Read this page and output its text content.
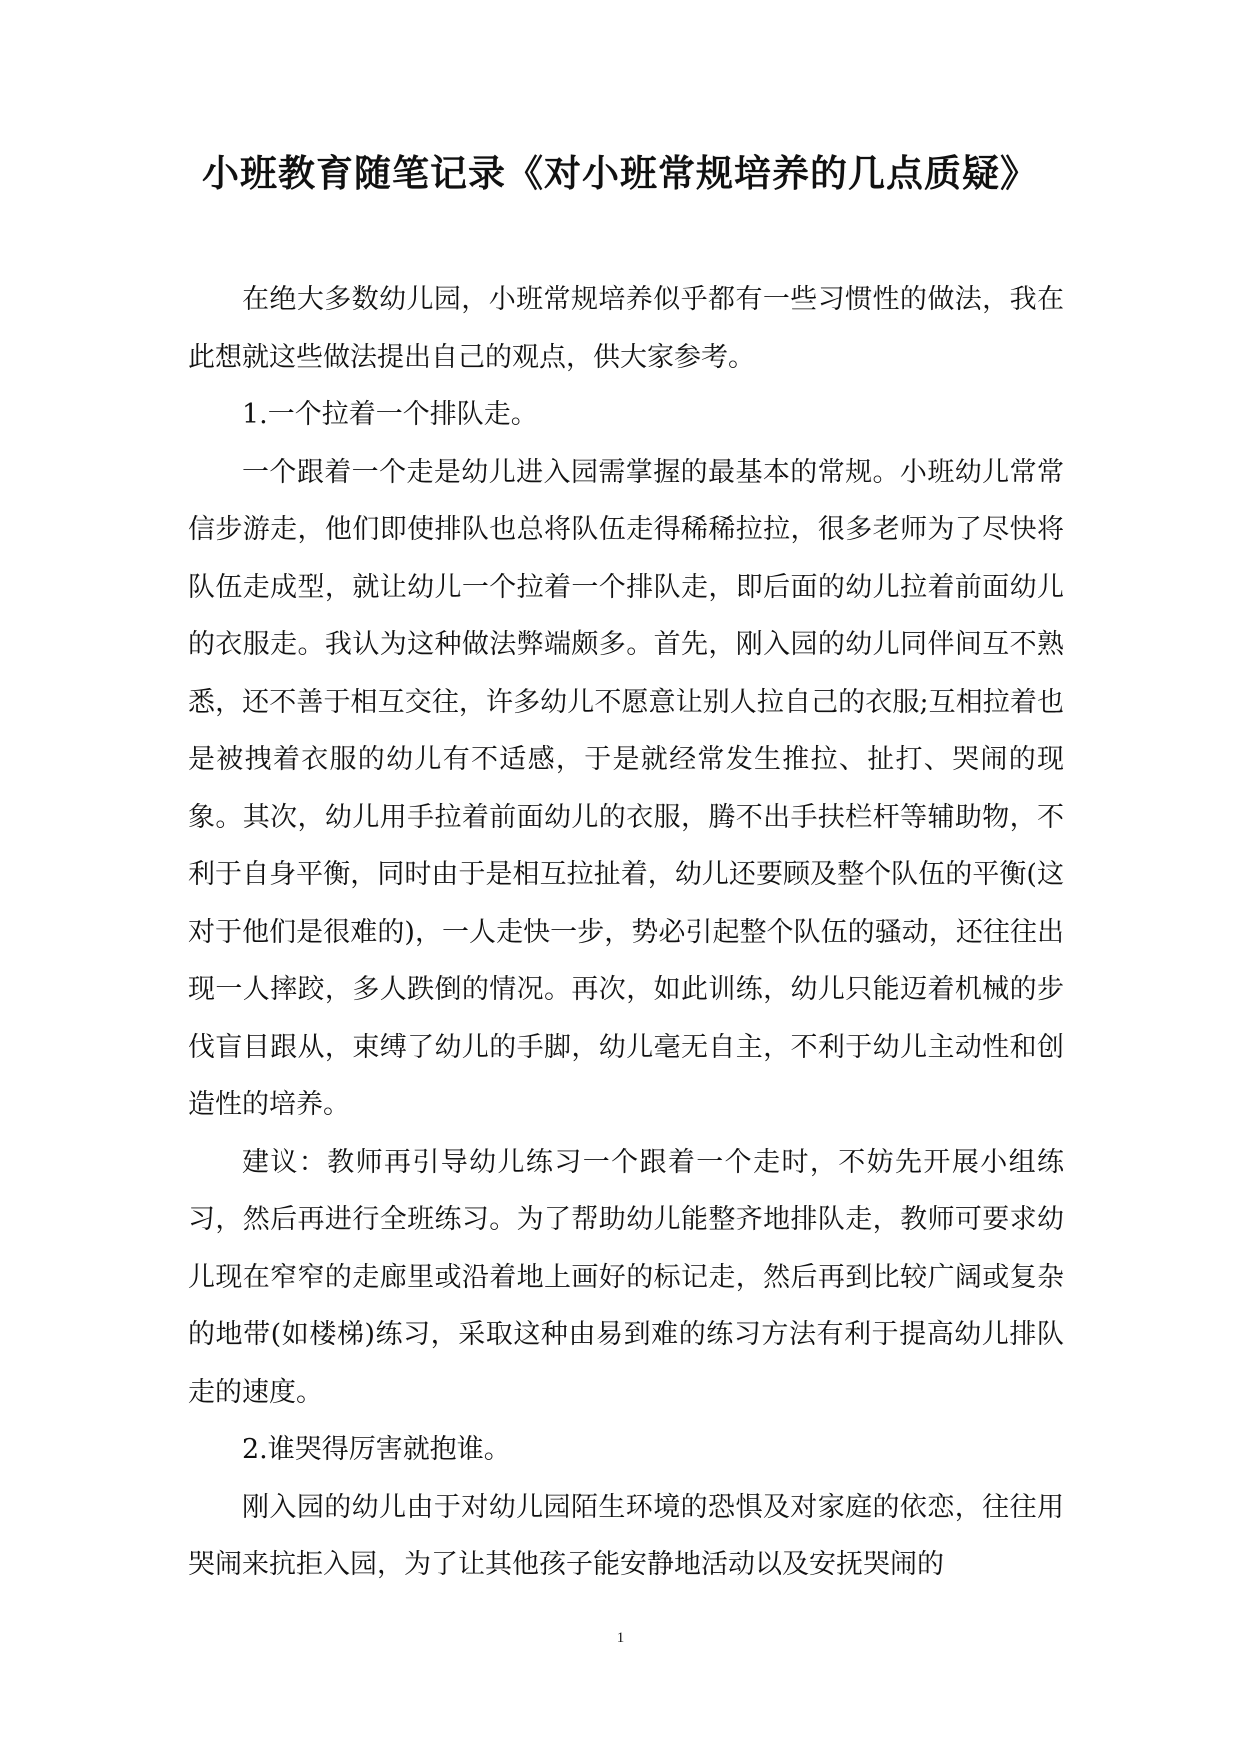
小班教育随笔记录《对小班常规培养的几点质疑》

在绝大多数幼儿园，小班常规培养似乎都有一些习惯性的做法，我在此想就这些做法提出自己的观点，供大家参考。

1.一个拉着一个排队走。

一个跟着一个走是幼儿进入园需掌握的最基本的常规。小班幼儿常常信步游走，他们即使排队也总将队伍走得稀稀拉拉，很多老师为了尽快将队伍走成型，就让幼儿一个拉着一个排队走，即后面的幼儿拉着前面幼儿的衣服走。我认为这种做法弊端颇多。首先，刚入园的幼儿同伴间互不熟悉，还不善于相互交往，许多幼儿不愿意让别人拉自己的衣服;互相拉着也是被拽着衣服的幼儿有不适感，于是就经常发生推拉、扯打、哭闹的现象。其次，幼儿用手拉着前面幼儿的衣服，腾不出手扶栏杆等辅助物，不利于自身平衡，同时由于是相互拉扯着，幼儿还要顾及整个队伍的平衡(这对于他们是很难的)，一人走快一步，势必引起整个队伍的骚动，还往往出现一人摔跤，多人跌倒的情况。再次，如此训练，幼儿只能迈着机械的步伐盲目跟从，束缚了幼儿的手脚，幼儿毫无自主，不利于幼儿主动性和创造性的培养。

建议：教师再引导幼儿练习一个跟着一个走时，不妨先开展小组练习，然后再进行全班练习。为了帮助幼儿能整齐地排队走，教师可要求幼儿现在窄窄的走廊里或沿着地上画好的标记走，然后再到比较广阔或复杂的地带(如楼梯)练习，采取这种由易到难的练习方法有利于提高幼儿排队走的速度。

2.谁哭得厉害就抱谁。

刚入园的幼儿由于对幼儿园陌生环境的恐惧及对家庭的依恋，往往用哭闹来抗拒入园，为了让其他孩子能安静地活动以及安抚哭闹的

1
